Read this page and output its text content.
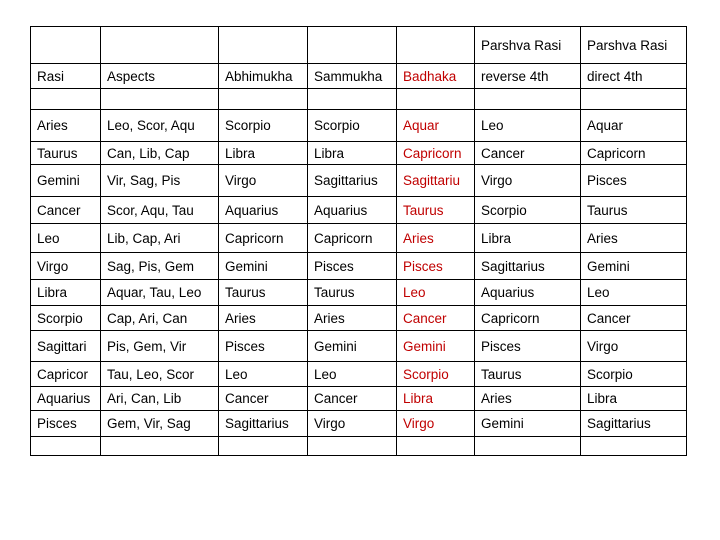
					Parshva Rasi	Parshva Rasi
Rasi	Aspects	Abhimukha	Sammukha	Badhaka	reverse 4th	direct 4th

Aries	Leo, Scor, Aqu	Scorpio	Scorpio	Aquar	Leo	Aquar
Taurus	Can, Lib, Cap	Libra	Libra	Capricorn	Cancer	Capricorn
Gemini	Vir, Sag, Pis	Virgo	Sagittarius	Sagittariu	Virgo	Pisces
Cancer	Scor, Aqu, Tau	Aquarius	Aquarius	Taurus	Scorpio	Taurus
Leo	Lib, Cap, Ari	Capricorn	Capricorn	Aries	Libra	Aries
Virgo	Sag, Pis, Gem	Gemini	Pisces	Pisces	Sagittarius	Gemini
Libra	Aquar, Tau, Leo	Taurus	Taurus	Leo	Aquarius	Leo
Scorpio	Cap, Ari, Can	Aries	Aries	Cancer	Capricorn	Cancer
Sagittari	Pis, Gem, Vir	Pisces	Gemini	Gemini	Pisces	Virgo
Capricor	Tau, Leo, Scor	Leo	Leo	Scorpio	Taurus	Scorpio
Aquarius	Ari, Can, Lib	Cancer	Cancer	Libra	Aries	Libra
Pisces	Gem, Vir, Sag	Sagittarius	Virgo	Virgo	Gemini	Sagittarius
